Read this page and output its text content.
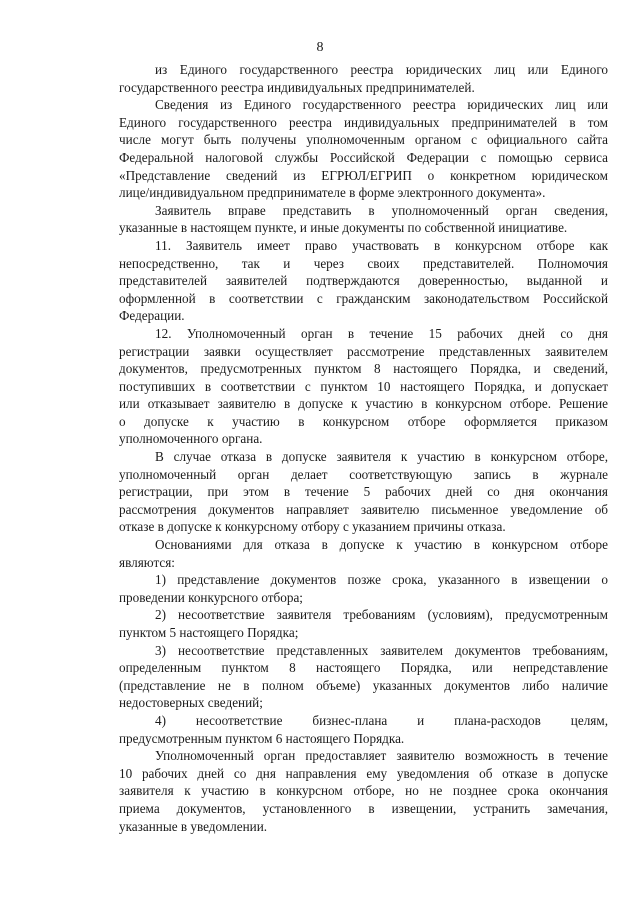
8
из Единого государственного реестра юридических лиц или Единого
государственного реестра индивидуальных предпринимателей.
Сведения из Единого государственного реестра юридических лиц или
Единого государственного реестра индивидуальных предпринимателей в том
числе могут быть получены уполномоченным органом с официального сайта
Федеральной налоговой службы Российской Федерации с помощью сервиса
«Представление сведений из ЕГРЮЛ/ЕГРИП о конкретном юридическом
лице/индивидуальном предпринимателе в форме электронного документа».
Заявитель вправе представить в уполномоченный орган сведения,
указанные в настоящем пункте, и иные документы по собственной инициативе.
11. Заявитель имеет право участвовать в конкурсном отборе как
непосредственно, так и через своих представителей. Полномочия
представителей заявителей подтверждаются доверенностью, выданной и
оформленной в соответствии с гражданским законодательством Российской
Федерации.
12. Уполномоченный орган в течение 15 рабочих дней со дня
регистрации заявки осуществляет рассмотрение представленных заявителем
документов, предусмотренных пунктом 8 настоящего Порядка, и сведений,
поступивших в соответствии с пунктом 10 настоящего Порядка, и допускает
или отказывает заявителю в допуске к участию в конкурсном отборе. Решение
о допуске к участию в конкурсном отборе оформляется приказом
уполномоченного органа.
В случае отказа в допуске заявителя к участию в конкурсном отборе,
уполномоченный орган делает соответствующую запись в журнале
регистрации, при этом в течение 5 рабочих дней со дня окончания
рассмотрения документов направляет заявителю письменное уведомление об
отказе в допуске к конкурсному отбору с указанием причины отказа.
Основаниями для отказа в допуске к участию в конкурсном отборе
являются:
1) представление документов позже срока, указанного в извещении о
проведении конкурсного отбора;
2) несоответствие заявителя требованиям (условиям), предусмотренным
пунктом 5 настоящего Порядка;
3) несоответствие представленных заявителем документов требованиям,
определенным пунктом 8 настоящего Порядка, или непредставление
(представление не в полном объеме) указанных документов либо наличие
недостоверных сведений;
4) несоответствие бизнес-плана и плана-расходов целям,
предусмотренным пунктом 6 настоящего Порядка.
Уполномоченный орган предоставляет заявителю возможность в течение
10 рабочих дней со дня направления ему уведомления об отказе в допуске
заявителя к участию в конкурсном отборе, но не позднее срока окончания
приема документов, установленного в извещении, устранить замечания,
указанные в уведомлении.
